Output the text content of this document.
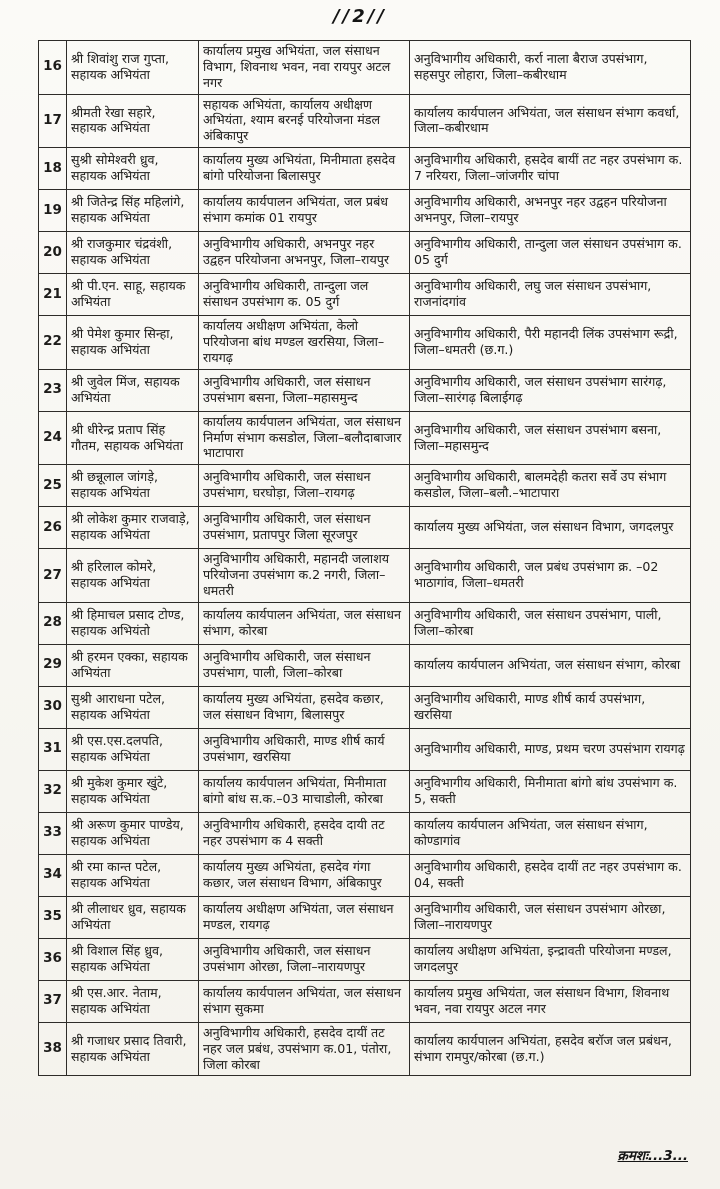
//2//
16	श्री शिवांशु राज गुप्ता, सहायक अभियंता	कार्यालय प्रमुख अभियंता, जल संसाधन विभाग, शिवनाथ भवन, नवा रायपुर अटल नगर	अनुविभागीय अधिकारी, कर्रा नाला बैराज उपसंभाग, सहसपुर लोहारा, जिला–कबीरधाम
17	श्रीमती रेखा सहारे, सहायक अभियंता	सहायक अभियंता, कार्यालय अधीक्षण अभियंता, श्याम बरनई परियोजना मंडल अंबिकापुर	कार्यालय कार्यपालन अभियंता, जल संसाधन संभाग कवर्धा, जिला–कबीरधाम
18	सुश्री सोमेश्वरी ध्रुव, सहायक अभियंता	कार्यालय मुख्य अभियंता, मिनीमाता हसदेव बांगो परियोजना बिलासपुर	अनुविभागीय अधिकारी, हसदेव बायीं तट नहर उपसंभाग क. 7 नरियरा, जिला–जांजगीर चांपा
19	श्री जितेन्द्र सिंह महिलांगे, सहायक अभियंता	कार्यालय कार्यपालन अभियंता, जल प्रबंध संभाग कमांक 01 रायपुर	अनुविभागीय अधिकारी, अभनपुर नहर उद्वहन परियोजना अभनपुर, जिला–रायपुर
20	श्री राजकुमार चंद्रवंशी, सहायक अभियंता	अनुविभागीय अधिकारी, अभनपुर नहर उद्वहन परियोजना अभनपुर, जिला–रायपुर	अनुविभागीय अधिकारी, तान्दुला जल संसाधन उपसंभाग क. 05 दुर्ग
21	श्री पी.एन. साहू, सहायक अभियंता	अनुविभागीय अधिकारी, तान्दुला जल संसाधन उपसंभाग क. 05 दुर्ग	अनुविभागीय अधिकारी, लघु जल संसाधन उपसंभाग, राजनांदगांव
22	श्री पेमेश कुमार सिन्हा, सहायक अभियंता	कार्यालय अधीक्षण अभियंता, केलो परियोजना बांध मण्डल खरसिया, जिला–रायगढ़	अनुविभागीय अधिकारी, पैरी महानदी लिंक उपसंभाग रूद्री, जिला–धमतरी (छ.ग.)
23	श्री जुवेल मिंज, सहायक अभियंता	अनुविभागीय अधिकारी, जल संसाधन उपसंभाग बसना, जिला–महासमुन्द	अनुविभागीय अधिकारी, जल संसाधन उपसंभाग सारंगढ़, जिला–सारंगढ़ बिलाईगढ़
24	श्री धीरेन्द्र प्रताप सिंह गौतम, सहायक अभियंता	कार्यालय कार्यपालन अभियंता, जल संसाधन निर्माण संभाग कसडोल, जिला–बलौदाबाजार भाटापारा	अनुविभागीय अधिकारी, जल संसाधन उपसंभाग बसना, जिला–महासमुन्द
25	श्री छन्नूलाल जांगड़े, सहायक अभियंता	अनुविभागीय अधिकारी, जल संसाधन उपसंभाग, घरघोड़ा, जिला–रायगढ़	अनुविभागीय अधिकारी, बालमदेही कतरा सर्वे उप संभाग कसडोल, जिला–बलौ.–भाटापारा
26	श्री लोकेश कुमार राजवाड़े, सहायक अभियंता	अनुविभागीय अधिकारी, जल संसाधन उपसंभाग, प्रतापपुर जिला सूरजपुर	कार्यालय मुख्य अभियंता, जल संसाधन विभाग, जगदलपुर
27	श्री हरिलाल कोमरे, सहायक अभियंता	अनुविभागीय अधिकारी, महानदी जलाशय परियोजना उपसंभाग क.2 नगरी, जिला–धमतरी	अनुविभागीय अधिकारी, जल प्रबंध उपसंभाग क्र. –02 भाठागांव, जिला–धमतरी
28	श्री हिमाचल प्रसाद टोण्ड, सहायक अभियंतो	कार्यालय कार्यपालन अभियंता, जल संसाधन संभाग, कोरबा	अनुविभागीय अधिकारी, जल संसाधन उपसंभाग, पाली, जिला–कोरबा
29	श्री हरमन एक्का, सहायक अभियंता	अनुविभागीय अधिकारी, जल संसाधन उपसंभाग, पाली, जिला–कोरबा	कार्यालय कार्यपालन अभियंता, जल संसाधन संभाग, कोरबा
30	सुश्री आराधना पटेल, सहायक अभियंता	कार्यालय मुख्य अभियंता, हसदेव कछार, जल संसाधन विभाग, बिलासपुर	अनुविभागीय अधिकारी, माण्ड शीर्ष कार्य उपसंभाग, खरसिया
31	श्री एस.एस.दलपति, सहायक अभियंता	अनुविभागीय अधिकारी, माण्ड शीर्ष कार्य उपसंभाग, खरसिया	अनुविभागीय अधिकारी, माण्ड, प्रथम चरण उपसंभाग रायगढ़
32	श्री मुकेश कुमार खुंटे, सहायक अभियंता	कार्यालय कार्यपालन अभियंता, मिनीमाता बांगो बांध स.क.–03 माचाडोली, कोरबा	अनुविभागीय अधिकारी, मिनीमाता बांगो बांध उपसंभाग क. 5, सक्ती
33	श्री अरूण कुमार पाण्डेय, सहायक अभियंता	अनुविभागीय अधिकारी, हसदेव दायी तट नहर उपसंभाग क 4 सक्ती	कार्यालय कार्यपालन अभियंता, जल संसाधन संभाग, कोण्डागांव
34	श्री रमा कान्त पटेल, सहायक अभियंता	कार्यालय मुख्य अभियंता, हसदेव गंगा कछार, जल संसाधन विभाग, अंबिकापुर	अनुविभागीय अधिकारी, हसदेव दायीं तट नहर उपसंभाग क. 04, सक्ती
35	श्री लीलाधर ध्रुव, सहायक अभियंता	कार्यालय अधीक्षण अभियंता, जल संसाधन मण्डल, रायगढ़	अनुविभागीय अधिकारी, जल संसाधन उपसंभाग ओरछा, जिला–नारायणपुर
36	श्री विशाल सिंह ध्रुव, सहायक अभियंता	अनुविभागीय अधिकारी, जल संसाधन उपसंभाग ओरछा, जिला–नारायणपुर	कार्यालय अधीक्षण अभियंता, इन्द्रावती परियोजना मण्डल, जगदलपुर
37	श्री एस.आर. नेताम, सहायक अभियंता	कार्यालय कार्यपालन अभियंता, जल संसाधन संभाग सुकमा	कार्यालय प्रमुख अभियंता, जल संसाधन विभाग, शिवनाथ भवन, नवा रायपुर अटल नगर
38	श्री गजाधर प्रसाद तिवारी, सहायक अभियंता	अनुविभागीय अधिकारी, हसदेव दायीं तट नहर जल प्रबंध, उपसंभाग क.01, पंतोरा, जिला कोरबा	कार्यालय कार्यपालन अभियंता, हसदेव बरॉज जल प्रबंधन, संभाग रामपुर/कोरबा (छ.ग.)
क्रमशः...3...
